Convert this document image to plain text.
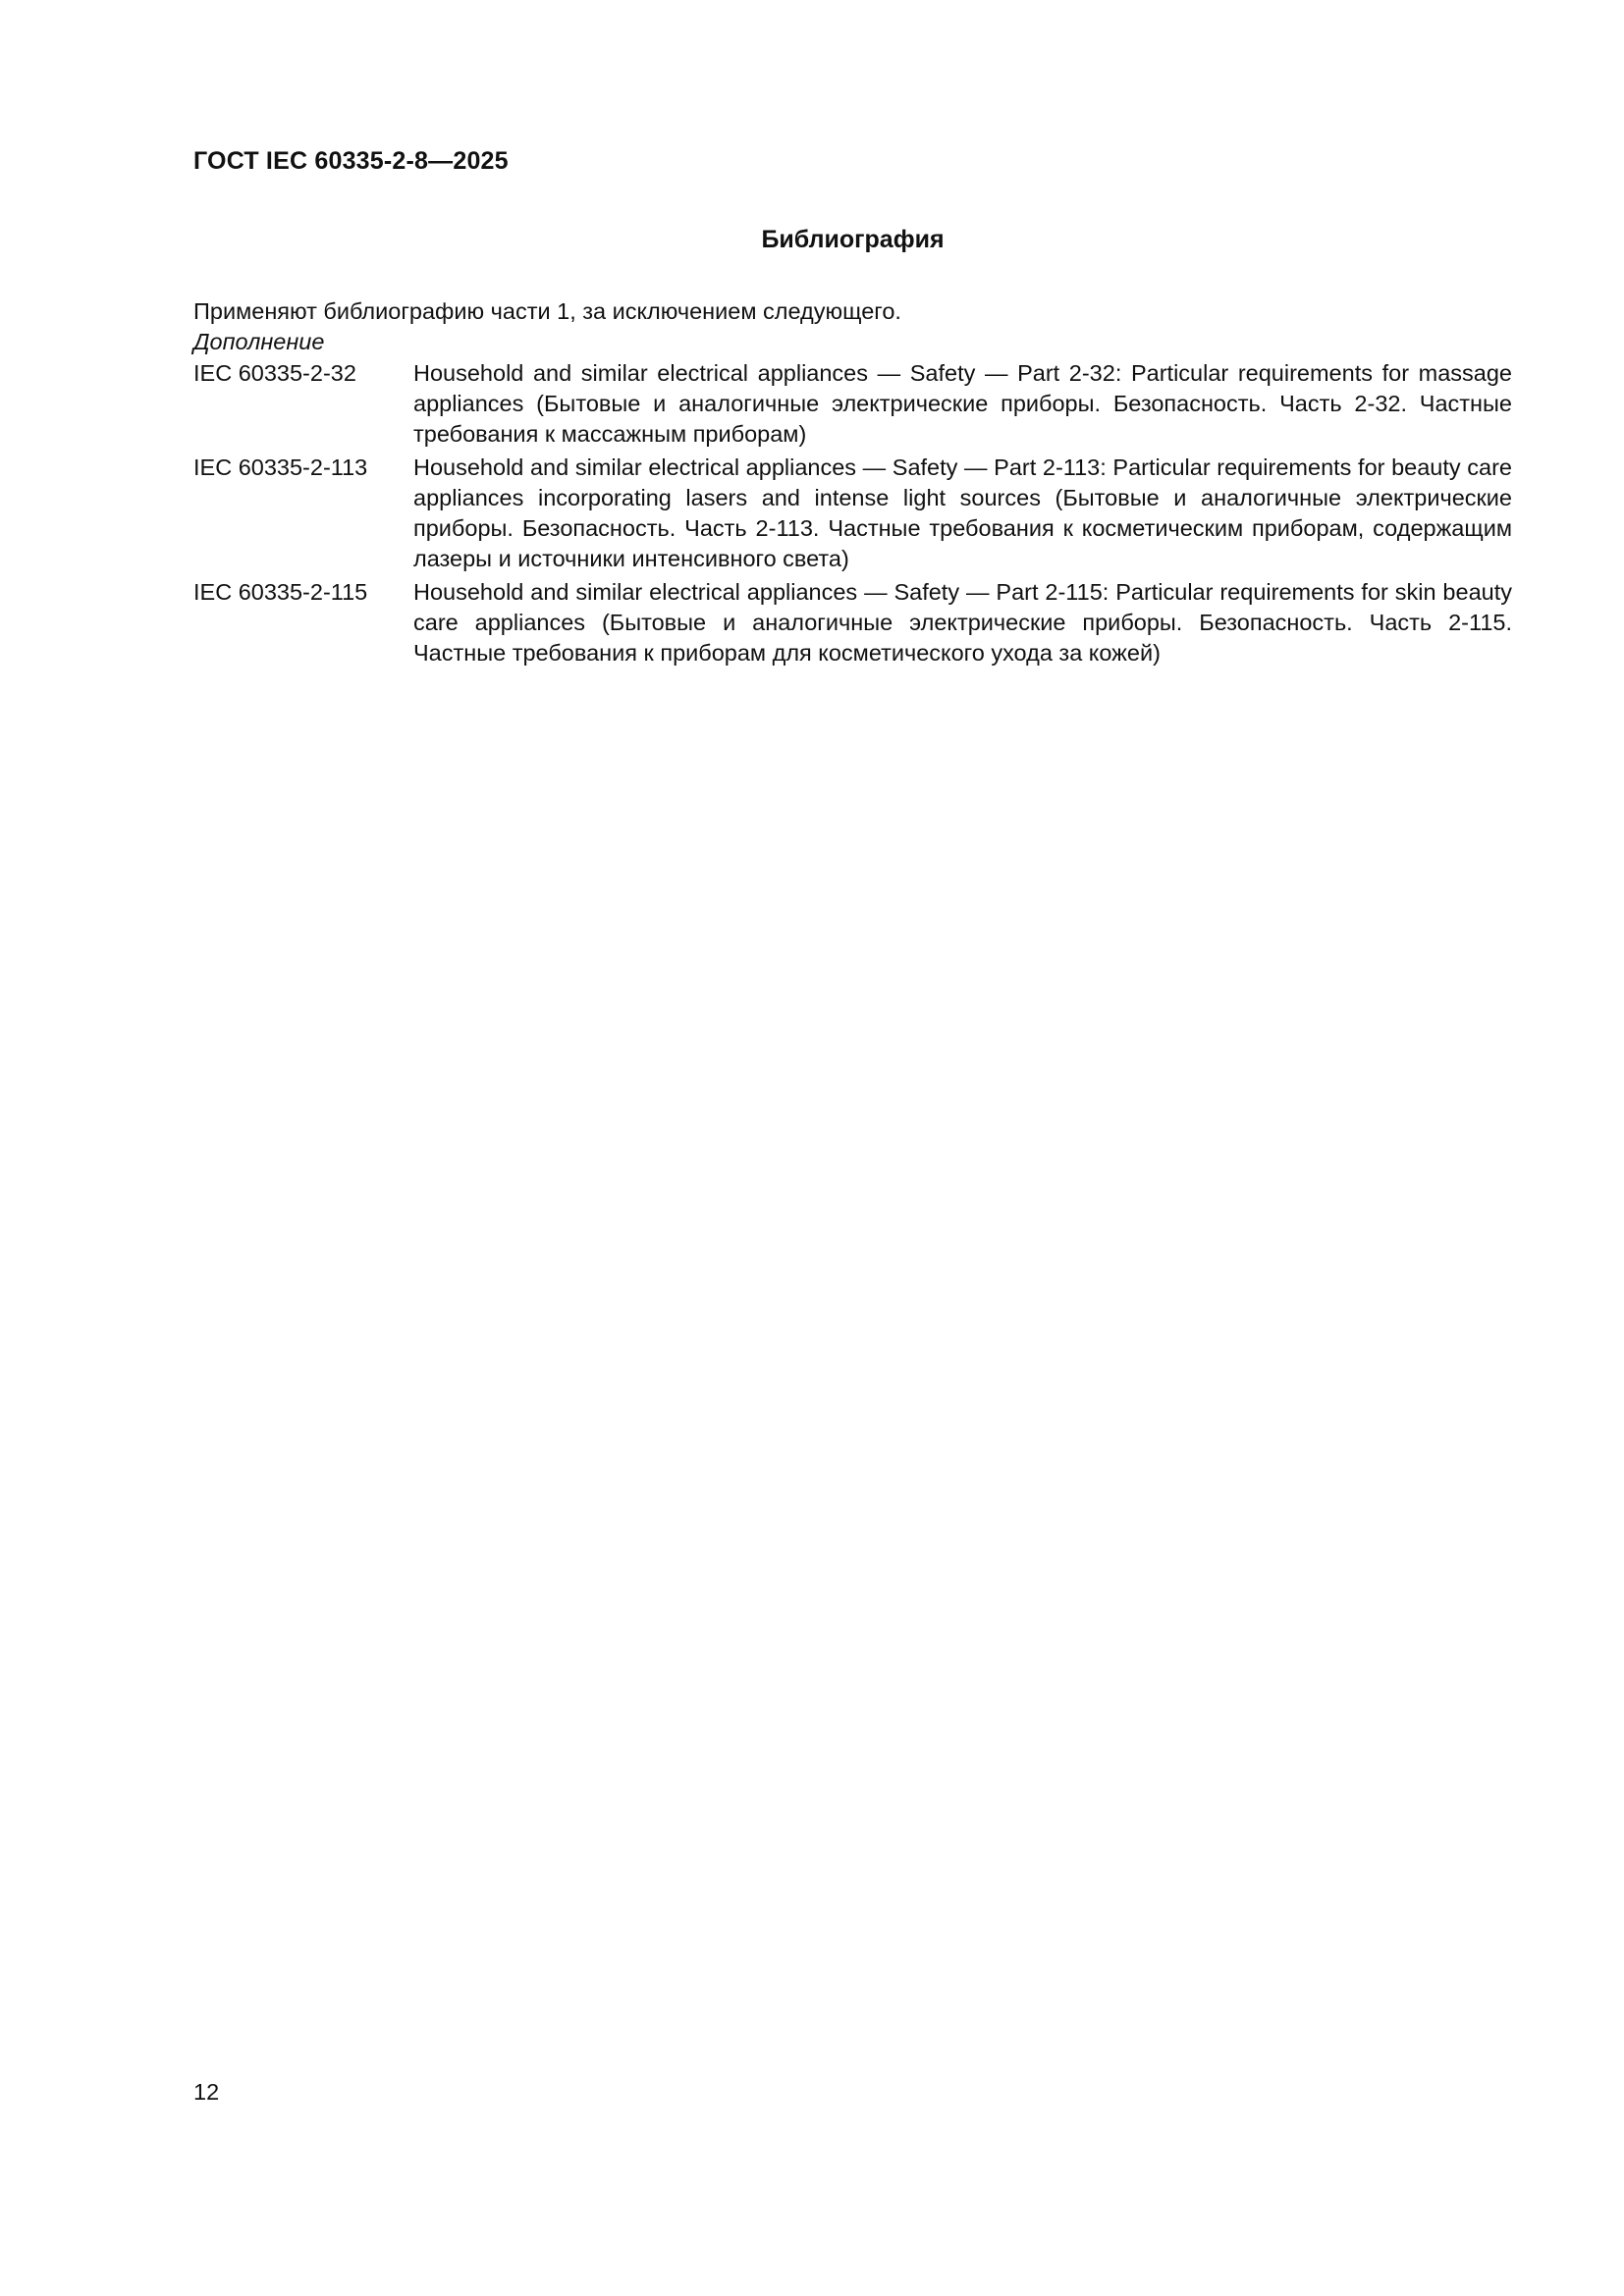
ГОСТ IEC 60335-2-8—2025

Библиография

Применяют библиографию части 1, за исключением следующего.

Дополнение

IEC 60335-2-32	Household and similar electrical appliances — Safety — Part 2-32: Particular requirements for massage appliances (Бытовые и аналогичные электрические приборы. Безопасность. Часть 2-32. Частные требования к массажным приборам)
IEC 60335-2-113	Household and similar electrical appliances — Safety — Part 2-113: Particular requirements for beauty care appliances incorporating lasers and intense light sources (Бытовые и аналогичные электрические приборы. Безопасность. Часть 2-113. Частные требования к косметическим приборам, содержащим лазеры и источники интенсивного света)
IEC 60335-2-115	Household and similar electrical appliances — Safety — Part 2-115: Particular requirements for skin beauty care appliances (Бытовые и аналогичные электрические приборы. Безопасность. Часть 2-115. Частные требования к приборам для косметического ухода за кожей)

12
